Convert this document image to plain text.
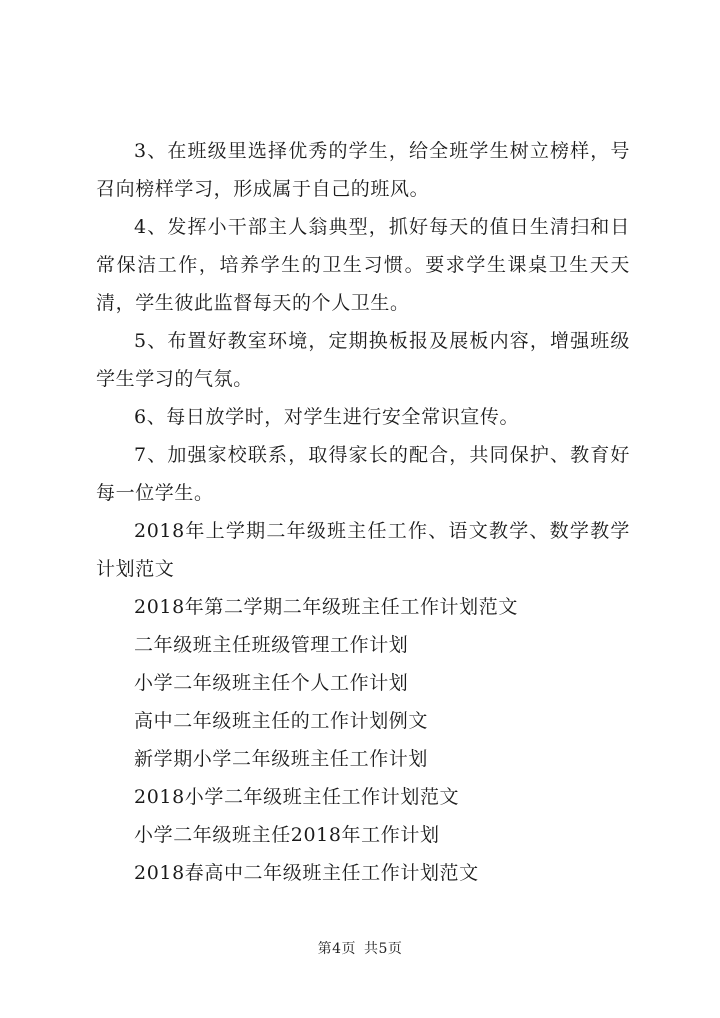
3、在班级里选择优秀的学生，给全班学生树立榜样，号召向榜样学习，形成属于自己的班风。

4、发挥小干部主人翁典型，抓好每天的值日生清扫和日常保洁工作，培养学生的卫生习惯。要求学生课桌卫生天天清，学生彼此监督每天的个人卫生。

5、布置好教室环境，定期换板报及展板内容，增强班级学生学习的气氛。

6、每日放学时，对学生进行安全常识宣传。

7、加强家校联系，取得家长的配合，共同保护、教育好每一位学生。

2018年上学期二年级班主任工作、语文教学、数学教学计划范文

2018年第二学期二年级班主任工作计划范文

二年级班主任班级管理工作计划

小学二年级班主任个人工作计划

高中二年级班主任的工作计划例文

新学期小学二年级班主任工作计划

2018小学二年级班主任工作计划范文

小学二年级班主任2018年工作计划

2018春高中二年级班主任工作计划范文

第4页 共5页
